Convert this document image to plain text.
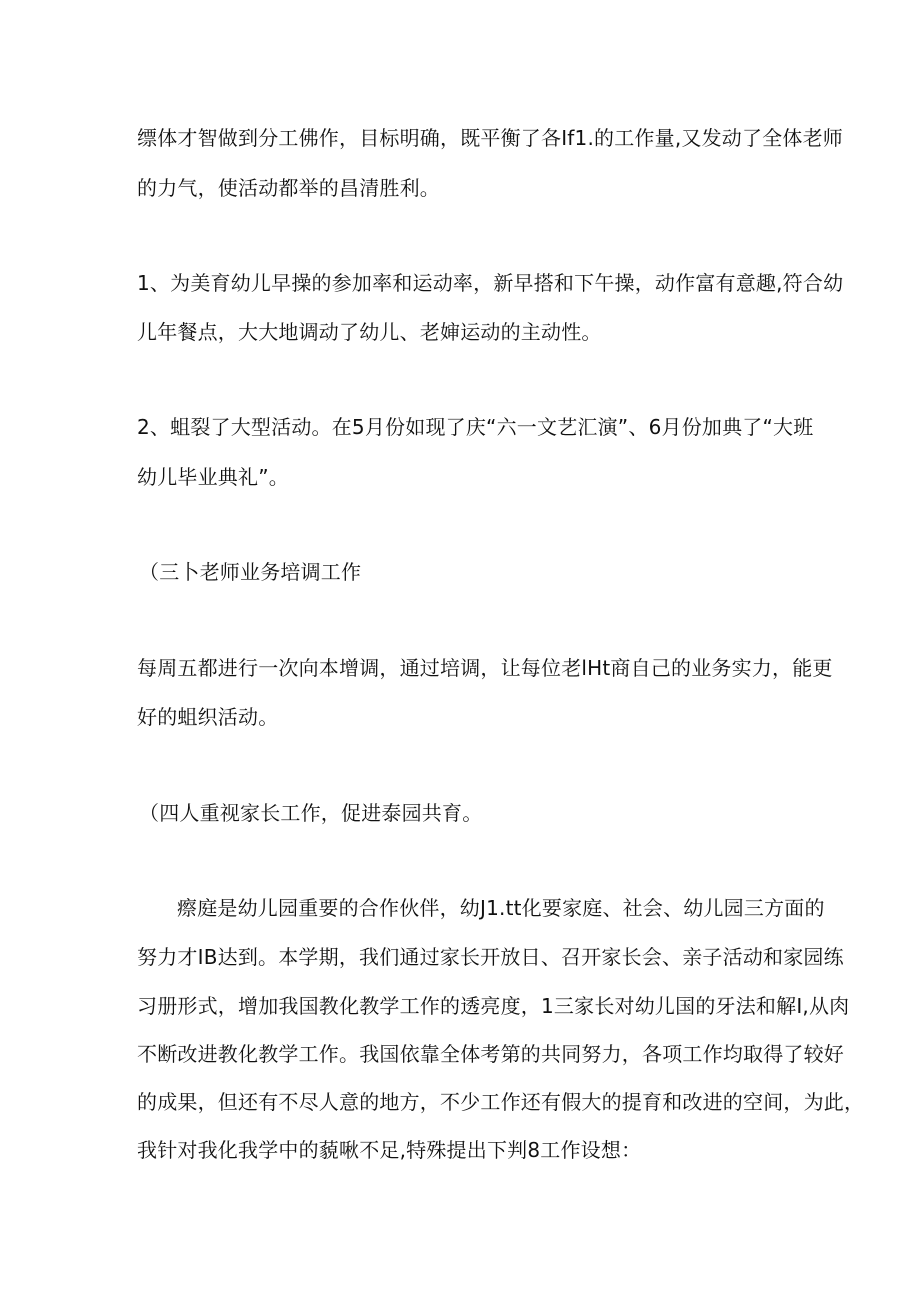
缥体才智做到分工佛作，目标明确，既平衡了各If1.的工作量,又发动了全体老师
的力气，使活动都举的昌清胜利。
1、为美育幼儿早操的参加率和运动率，新早搭和下午操，动作富有意趣,符合幼
儿年餐点，大大地调动了幼儿、老婶运动的主动性。
2、蛆裂了大型活动。在5月份如现了庆“六一文艺汇演”、6月份加典了“大班
幼儿毕业典礼”。
（三卜老师业务培调工作
每周五都进行一次向本增调，通过培调，让每位老lHt商自己的业务实力，能更
好的蛆织活动。
（四人重视家长工作，促进泰园共育。
瘵庭是幼儿园重要的合作伙伴，幼J1.tt化要家庭、社会、幼儿园三方面的
努力才IB达到。本学期，我们通过家长开放日、召开家长会、亲子活动和家园练
习册形式，增加我国教化教学工作的透亮度，1三家长对幼儿国的牙法和解I,从肉
不断改进教化教学工作。我国依靠全体考第的共同努力，各项工作均取得了较好
的成果，但还有不尽人意的地方，不少工作还有假大的提育和改进的空间，为此，
我针对我化我学中的藐啾不足,特殊提出下判8工作设想：
